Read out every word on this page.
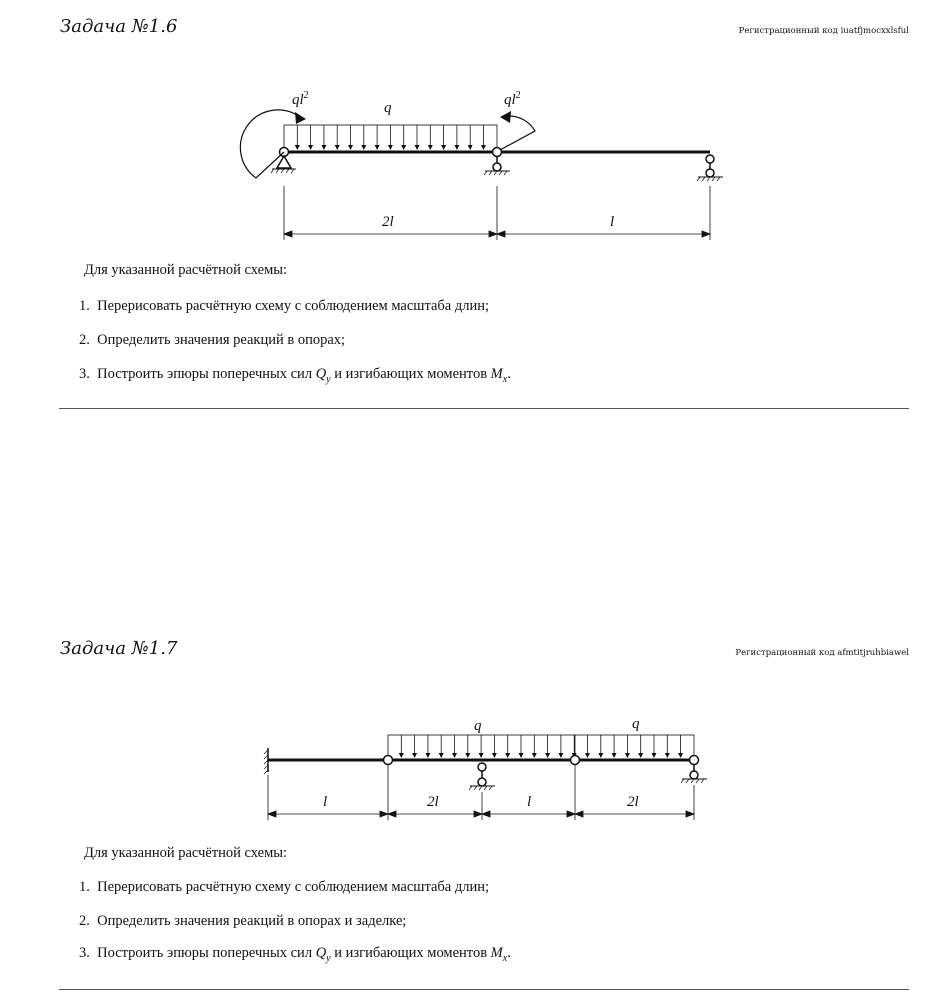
Задача №1.6	Регистрационный код iuatfjmocxxlsful
q
$ql^2$	$ql^2$
2l	l
q	q
l	2l	l	2l
Для указанной расчётной схемы:
1. Перерисовать расчётную схему с соблюдением масштаба длин;
2. Определить значения реакций в опорах;
3. Построить эпюры поперечных сил $Q_y$ и изгибающих моментов $M_x$.
Задача №1.7	Регистрационный код afmtitjruhbiawel
Для указанной расчётной схемы:
1. Перерисовать расчётную схему с соблюдением масштаба длин;
2. Определить значения реакций в опорах и заделке;
3. Построить эпюры поперечных сил $Q_y$ и изгибающих моментов $M_x$.
